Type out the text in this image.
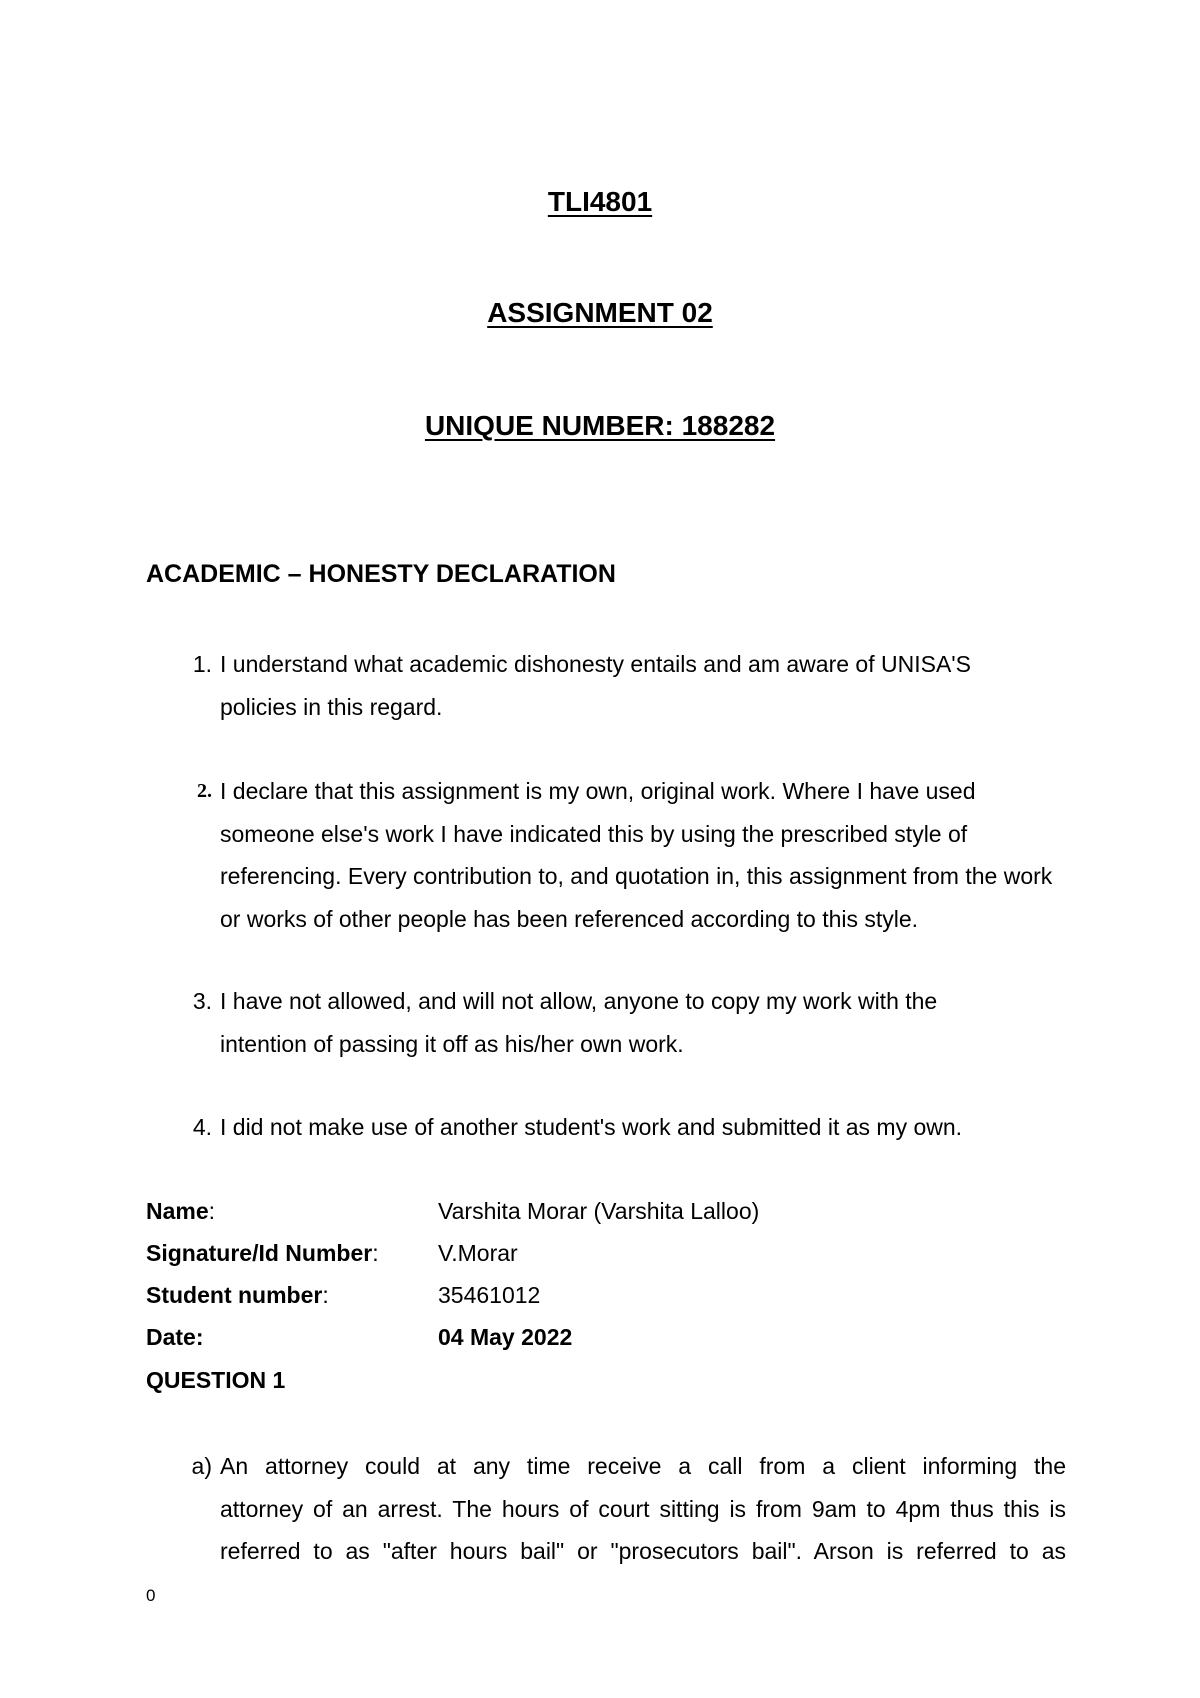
TLI4801
ASSIGNMENT 02
UNIQUE NUMBER: 188282
ACADEMIC – HONESTY DECLARATION
1. I understand what academic dishonesty entails and am aware of UNISA'S policies in this regard.
2. I declare that this assignment is my own, original work. Where I have used someone else's work I have indicated this by using the prescribed style of referencing. Every contribution to, and quotation in, this assignment from the work or works of other people has been referenced according to this style.
3. I have not allowed, and will not allow, anyone to copy my work with the intention of passing it off as his/her own work.
4. I did not make use of another student's work and submitted it as my own.
Name:	Varshita Morar (Varshita Lalloo)
Signature/Id Number:	V.Morar
Student number:	35461012
Date:	04 May 2022
QUESTION 1
a) An attorney could at any time receive a call from a client informing the
attorney of an arrest. The hours of court sitting is from 9am to 4pm thus this is
referred to as "after hours bail" or "prosecutors bail". Arson is referred to as
0
